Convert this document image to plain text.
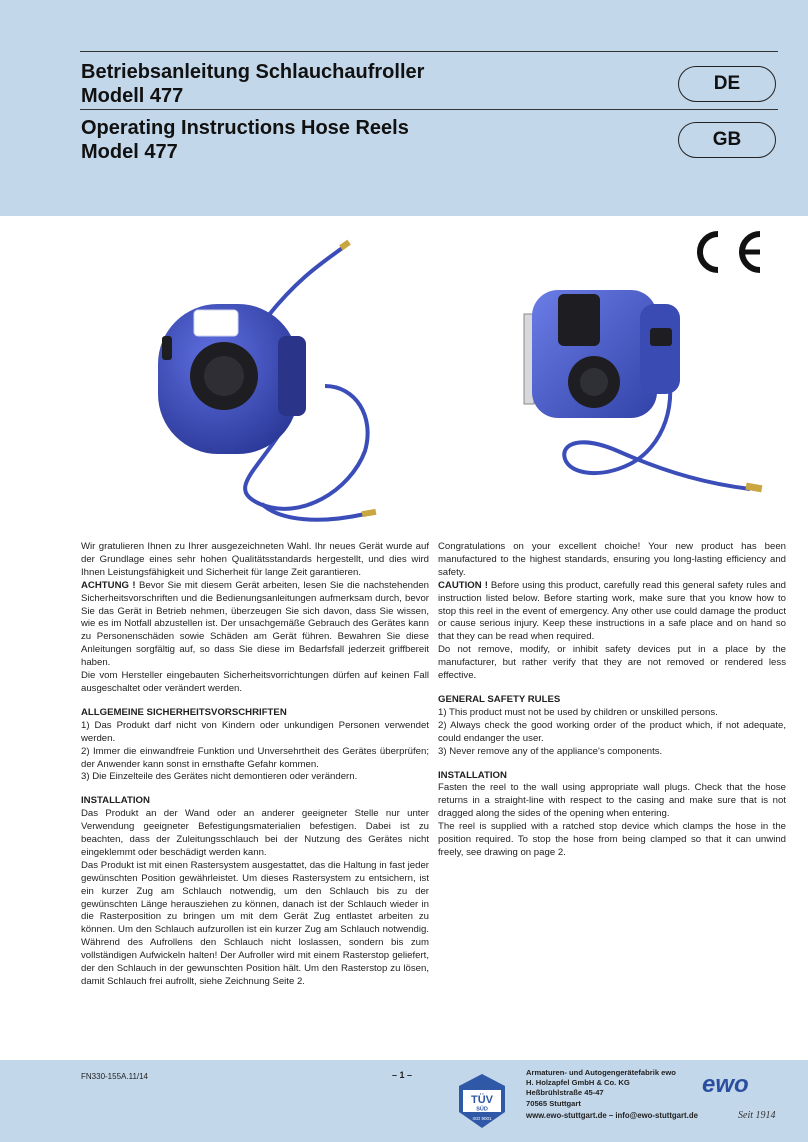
Betriebsanleitung Schlauchaufroller
Modell 477
Operating Instructions Hose Reels
Model 477
DE
GB

Wir gratulieren Ihnen zu Ihrer ausgezeichneten Wahl. Ihr neues Gerät wurde auf der Grundlage eines sehr hohen Qualitätsstandards hergestellt, und dies wird Ihnen Leistungsfähigkeit und Sicherheit für lange Zeit garantieren.

ACHTUNG ! Bevor Sie mit diesem Gerät arbeiten, lesen Sie die nachstehenden Sicherheitsvorschriften und die Bedienungsanleitungen aufmerksam durch, bevor Sie das Gerät in Betrieb nehmen, überzeugen Sie sich davon, dass Sie wissen, wie es im Notfall abzustellen ist. Der unsachgemäße Gebrauch des Gerätes kann zu Personenschäden sowie Schäden am Gerät führen. Bewahren Sie diese Anleitungen sorgfältig auf, so dass Sie diese im Bedarfsfall jederzeit griffbereit haben.

Die vom Hersteller eingebauten Sicherheitsvorrichtungen dürfen auf keinen Fall ausgeschaltet oder verändert werden.

ALLGEMEINE SICHERHEITSVORSCHRIFTEN

1) Das Produkt darf nicht von Kindern oder unkundigen Personen verwendet werden.

2) Immer die einwandfreie Funktion und Unversehrtheit des Gerätes überprüfen; der Anwender kann sonst in ernsthafte Gefahr kommen.

3) Die Einzelteile des Gerätes nicht demontieren oder verändern.

INSTALLATION

Das Produkt an der Wand oder an anderer geeigneter Stelle nur unter Verwendung geeigneter Befestigungsmaterialien befestigen. Dabei ist zu beachten, dass der Zuleitungsschlauch bei der Nutzung des Gerätes nicht eingeklemmt oder beschädigt werden kann.

Das Produkt ist mit einen Rastersystem ausgestattet, das die Haltung in fast jeder gewünschten Position gewährleistet. Um dieses Rastersystem zu entsichern, ist ein kurzer Zug am Schlauch notwendig, um den Schlauch bis zu der gewünschten Länge herausziehen zu können, danach ist der Schlauch wieder in die Rasterposition zu bringen um mit dem Gerät Zug entlastet arbeiten zu können. Um den Schlauch aufzurollen ist ein kurzer Zug am Schlauch notwendig. Während des Aufrollens den Schlauch nicht loslassen, sondern bis zum vollständigen Aufwickeln halten! Der Aufroller wird mit einem Rasterstop geliefert, der den Schlauch in der gewunschten Position hält. Um den Rasterstop zu lösen, damit Schlauch frei aufrollt, siehe Zeichnung Seite 2.

Congratulations on your excellent choiche! Your new product has been manufactured to the highest standards, ensuring you long-lasting efficiency and safety.

CAUTION ! Before using this product, carefully read this general safety rules and instruction listed below. Before starting work, make sure that you know how to stop this reel in the event of emergency. Any other use could damage the product or cause serious injury. Keep these instructions in a safe place and on hand so that they can be read when required.

Do not remove, modify, or inhibit safety devices put in a place by the manufacturer, but rather verify that they are not removed or rendered less effective.

GENERAL SAFETY RULES

1) This product must not be used by children or unskilled persons.

2) Always check the good working order of the product which, if not adequate, could endanger the user.

3) Never remove any of the appliance's components.

INSTALLATION

Fasten the reel to the wall using appropriate wall plugs. Check that the hose returns in a straight-line with respect to the casing and make sure that is not dragged along the sides of the opening when entering.

The reel is supplied with a ratched stop device which clamps the hose in the position required. To stop the hose from being clamped so that it can unwind freely, see drawing on page 2.

FN330-155A.11/14	– 1 –
TÜV
SÜD
ISO 9001
Armaturen- und Autogengerätefabrik ewo
H. Holzapfel GmbH & Co. KG
Heßbrühlstraße 45-47
70565 Stuttgart
www.ewo-stuttgart.de – info@ewo-stuttgart.de
ewo
Seit 1914
